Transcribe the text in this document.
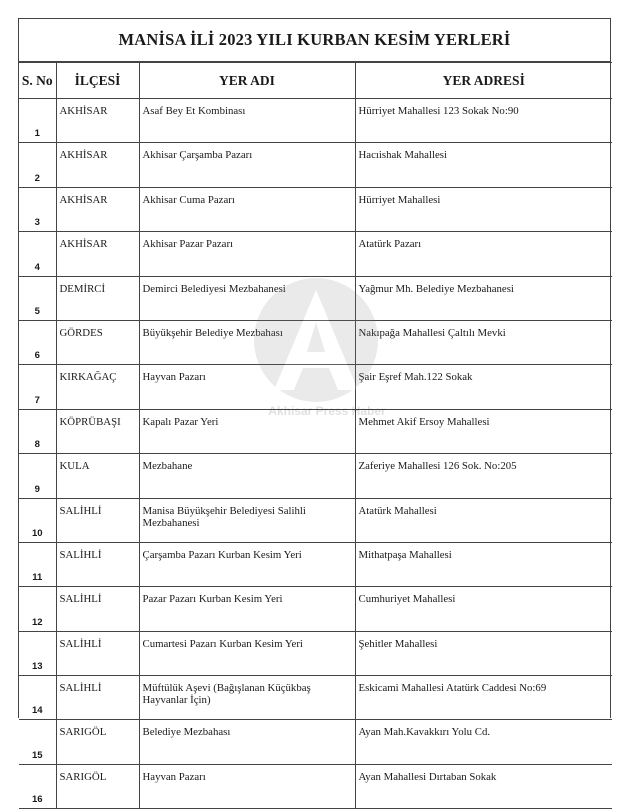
MANİSA İLİ 2023 YILI KURBAN KESİM YERLERİ
S. No	İLÇESİ	YER ADI	YER ADRESİ

1	AKHİSAR	Asaf Bey Et Kombinası	Hürriyet Mahallesi 123 Sokak No:90

2	AKHİSAR	Akhisar Çarşamba Pazarı	Hacıishak Mahallesi

3	AKHİSAR	Akhisar Cuma Pazarı	Hürriyet Mahallesi

4	AKHİSAR	Akhisar Pazar Pazarı	Atatürk Pazarı

5	DEMİRCİ	Demirci Belediyesi Mezbahanesi	Yağmur Mh. Belediye Mezbahanesi

6	GÖRDES	Büyükşehir Belediye Mezbahası	Nakıpağa Mahallesi Çaltılı Mevki

7	KIRKAĞAÇ	Hayvan Pazarı	Şair Eşref Mah.122 Sokak

8	KÖPRÜBAŞI	Kapalı Pazar Yeri	Mehmet Akif Ersoy Mahallesi

9	KULA	Mezbahane	Zaferiye Mahallesi 126 Sok. No:205

10	SALİHLİ	Manisa Büyükşehir Belediyesi Salihli Mezbahanesi	Atatürk Mahallesi

11	SALİHLİ	Çarşamba Pazarı Kurban Kesim Yeri	Mithatpaşa Mahallesi

12	SALİHLİ	Pazar Pazarı Kurban Kesim Yeri	Cumhuriyet Mahallesi

13	SALİHLİ	Cumartesi Pazarı Kurban Kesim Yeri	Şehitler Mahallesi

14	SALİHLİ	Müftülük Aşevi (Bağışlanan Küçükbaş Hayvanlar İçin)	Eskicami Mahallesi Atatürk Caddesi No:69

15	SARIGÖL	Belediye Mezbahası	Ayan Mah.Kavakkırı Yolu Cd.

16	SARIGÖL	Hayvan Pazarı	Ayan Mahallesi Dırtaban Sokak
Akhisar Press Haber
